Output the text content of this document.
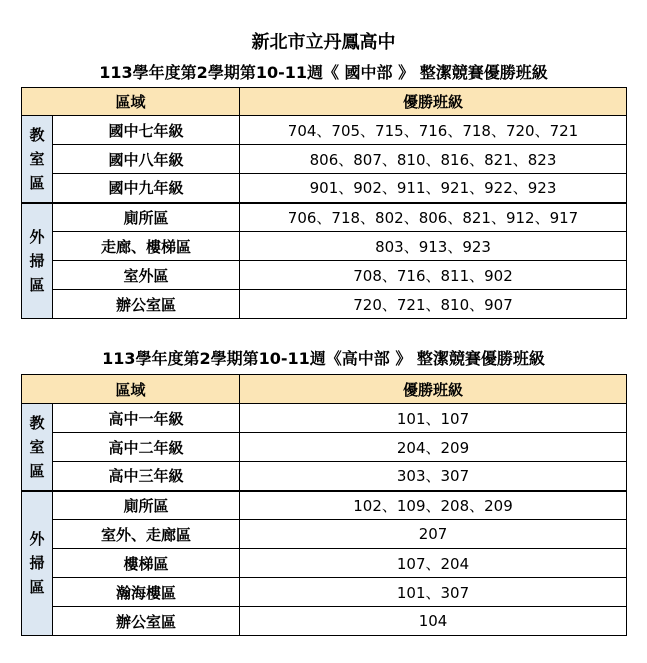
新北市立丹鳳高中
113學年度第2學期第10-11週《 國中部 》 整潔競賽優勝班級
區域		優勝班級

教
室
區	國中七年級	704、705、715、716、718、720、721
	國中八年級	806、807、810、816、821、823
	國中九年級	901、902、911、921、922、923

外
掃
區	廁所區	706、718、802、806、821、912、917
	走廊、樓梯區	803、913、923
	室外區	708、716、811、902
	辦公室區	720、721、810、907
113學年度第2學期第10-11週《高中部 》 整潔競賽優勝班級
區域		優勝班級

教
室
區	高中一年級	101、107
	高中二年級	204、209
	高中三年級	303、307

外
掃
區	廁所區	102、109、208、209
	室外、走廊區	207
	樓梯區	107、204
	瀚海樓區	101、307
	辦公室區	104
